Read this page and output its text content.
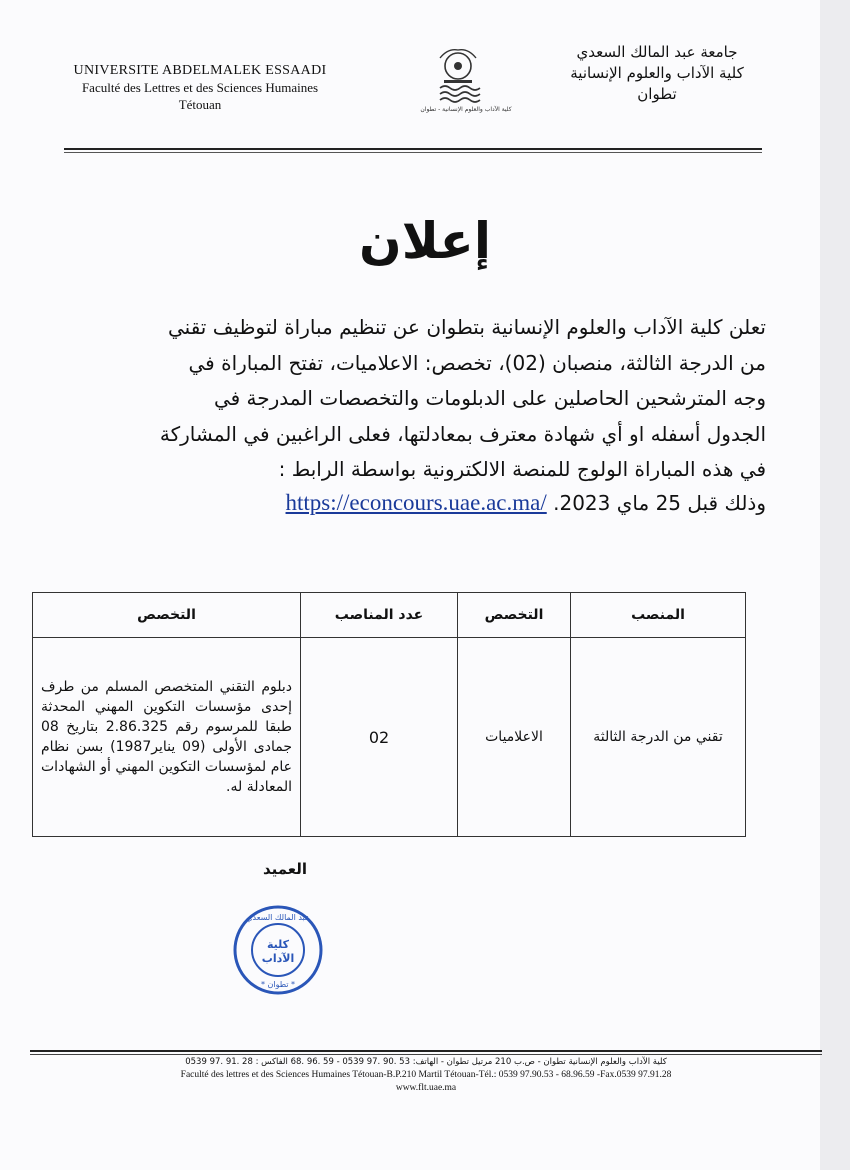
UNIVERSITE ABDELMALEK ESSAADI
Faculté des Lettres et des Sciences Humaines
Tétouan	كلية الآداب والعلوم الإنسانية - تطوان
جامعة عبد المالك السعدي
كلية الآداب والعلوم الإنسانية
تطوان
إعلان
تعلن كلية الآداب والعلوم الإنسانية بتطوان عن تنظيم مباراة لتوظيف تقني
من الدرجة الثالثة، منصبان (02)، تخصص: الاعلاميات، تفتح المباراة في
وجه المترشحين الحاصلين على الدبلومات والتخصصات المدرجة في
الجدول أسفله او أي شهادة معترف بمعادلتها، فعلى الراغبين في المشاركة
في هذه المباراة الولوج للمنصة الالكترونية بواسطة الرابط :
وذلك قبل 25 ماي 2023. https://econcours.uae.ac.ma/
المنصب	التخصص	عدد المناصب	التخصص
تقني من الدرجة الثالثة	الاعلاميات	02	دبلوم التقني المتخصص المسلم من طرف إحدى مؤسسات التكوين المهني المحدثة طبقا للمرسوم رقم 2.86.325 بتاريخ 08 جمادى الأولى (09 يناير1987) بسن نظام عام لمؤسسات التكوين المهني أو الشهادات المعادلة له.
العميد
كلية
الآداب
عبد المالك السعدي
* تطوان *
كلية الآداب والعلوم الإنسانية تطوان - ص.ب 210 مرتيل تطوان - الهاتف: 53 .90 .97 0539 - 59 .96 .68 الفاكس : 28 .91 .97 0539
Faculté des lettres et des Sciences Humaines Tétouan-B.P.210 Martil Tétouan-Tél.: 0539 97.90.53 - 68.96.59 -Fax.0539 97.91.28
www.flt.uae.ma
